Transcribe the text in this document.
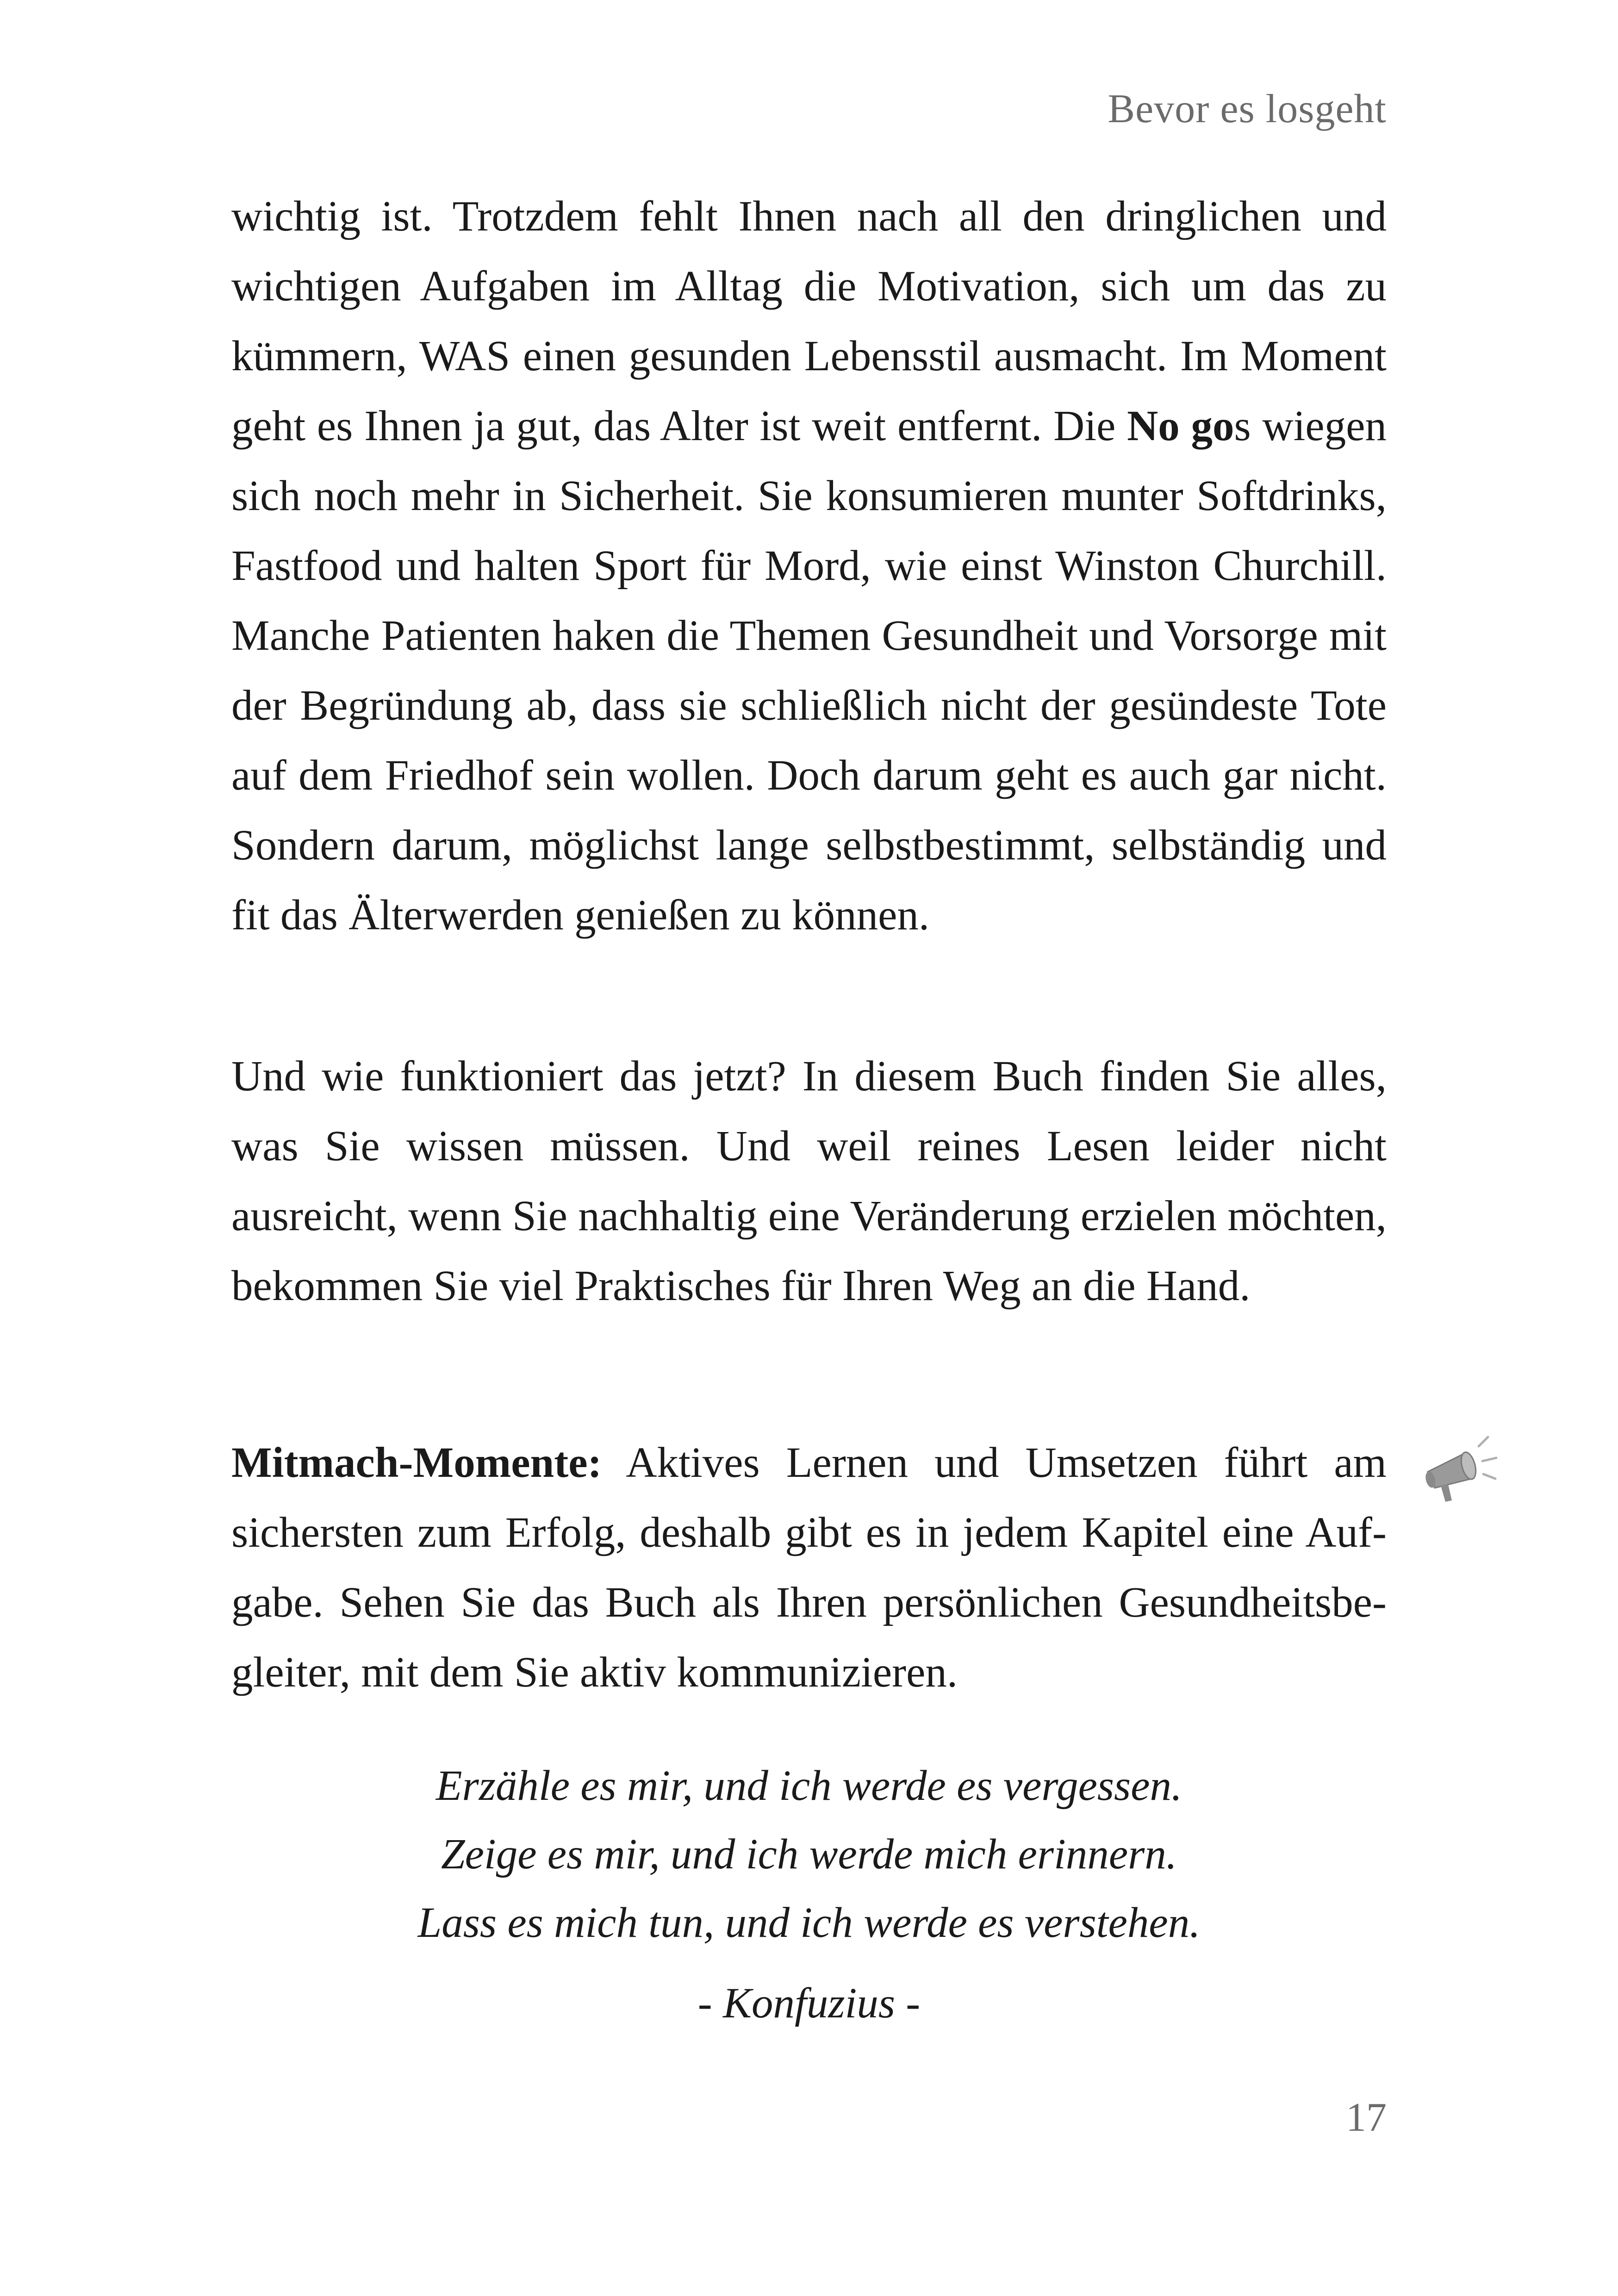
Bevor es losgeht

wichtig ist. Trotzdem fehlt Ihnen nach all den dringlichen und wichtigen Aufgaben im Alltag die Motivation, sich um das zu kümmern, WAS einen gesunden Lebensstil ausmacht. Im Moment geht es Ihnen ja gut, das Alter ist weit entfernt. Die No gos wiegen sich noch mehr in Sicherheit. Sie konsumieren munter Softdrinks, Fastfood und halten Sport für Mord, wie einst Winston Churchill. Manche Patienten haken die Themen Gesundheit und Vorsorge mit der Begründung ab, dass sie schließlich nicht der gesündeste Tote auf dem Friedhof sein wollen. Doch darum geht es auch gar nicht. Sondern darum, möglichst lange selbstbestimmt, selbständig und fit das Älterwerden genießen zu können.

Und wie funktioniert das jetzt? In diesem Buch finden Sie alles, was Sie wissen müssen. Und weil reines Lesen leider nicht ausreicht, wenn Sie nachhaltig eine Veränderung erzielen möchten, bekommen Sie viel Praktisches für Ihren Weg an die Hand.

Mitmach-Momente: Aktives Lernen und Umsetzen führt am sichersten zum Erfolg, deshalb gibt es in jedem Kapitel eine Aufgabe. Sehen Sie das Buch als Ihren persönlichen Gesundheitsbegleiter, mit dem Sie aktiv kommunizieren.

Erzähle es mir, und ich werde es vergessen.
Zeige es mir, und ich werde mich erinnern.
Lass es mich tun, und ich werde es verstehen.
- Konfuzius -
17
